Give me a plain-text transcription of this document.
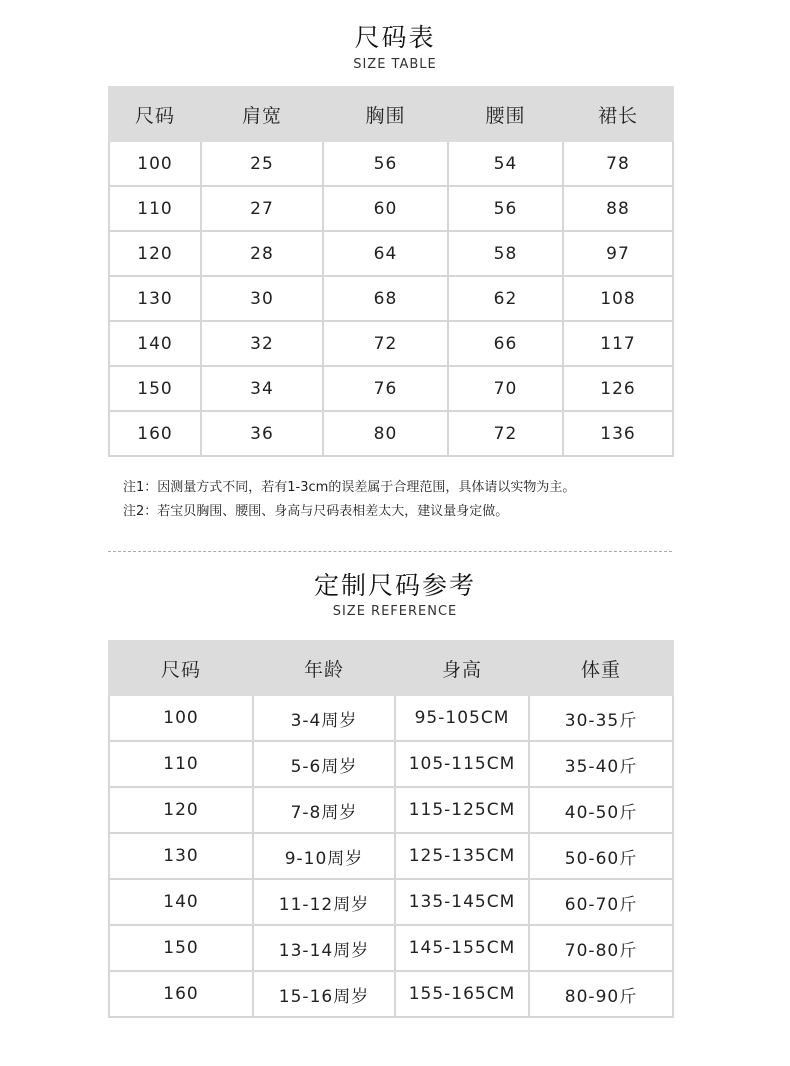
尺码表
SIZE TABLE
尺码	肩宽	胸围	腰围	裙长
100	25	56	54	78
110	27	60	56	88
120	28	64	58	97
130	30	68	62	108
140	32	72	66	117
150	34	76	70	126
160	36	80	72	136
注1：因测量方式不同，若有1-3cm的误差属于合理范围，具体请以实物为主。
注2：若宝贝胸围、腰围、身高与尺码表相差太大，建议量身定做。
定制尺码参考
SIZE REFERENCE
尺码	年龄	身高	体重
100	3-4周岁	95-105CM	30-35斤
110	5-6周岁	105-115CM	35-40斤
120	7-8周岁	115-125CM	40-50斤
130	9-10周岁	125-135CM	50-60斤
140	11-12周岁	135-145CM	60-70斤
150	13-14周岁	145-155CM	70-80斤
160	15-16周岁	155-165CM	80-90斤
